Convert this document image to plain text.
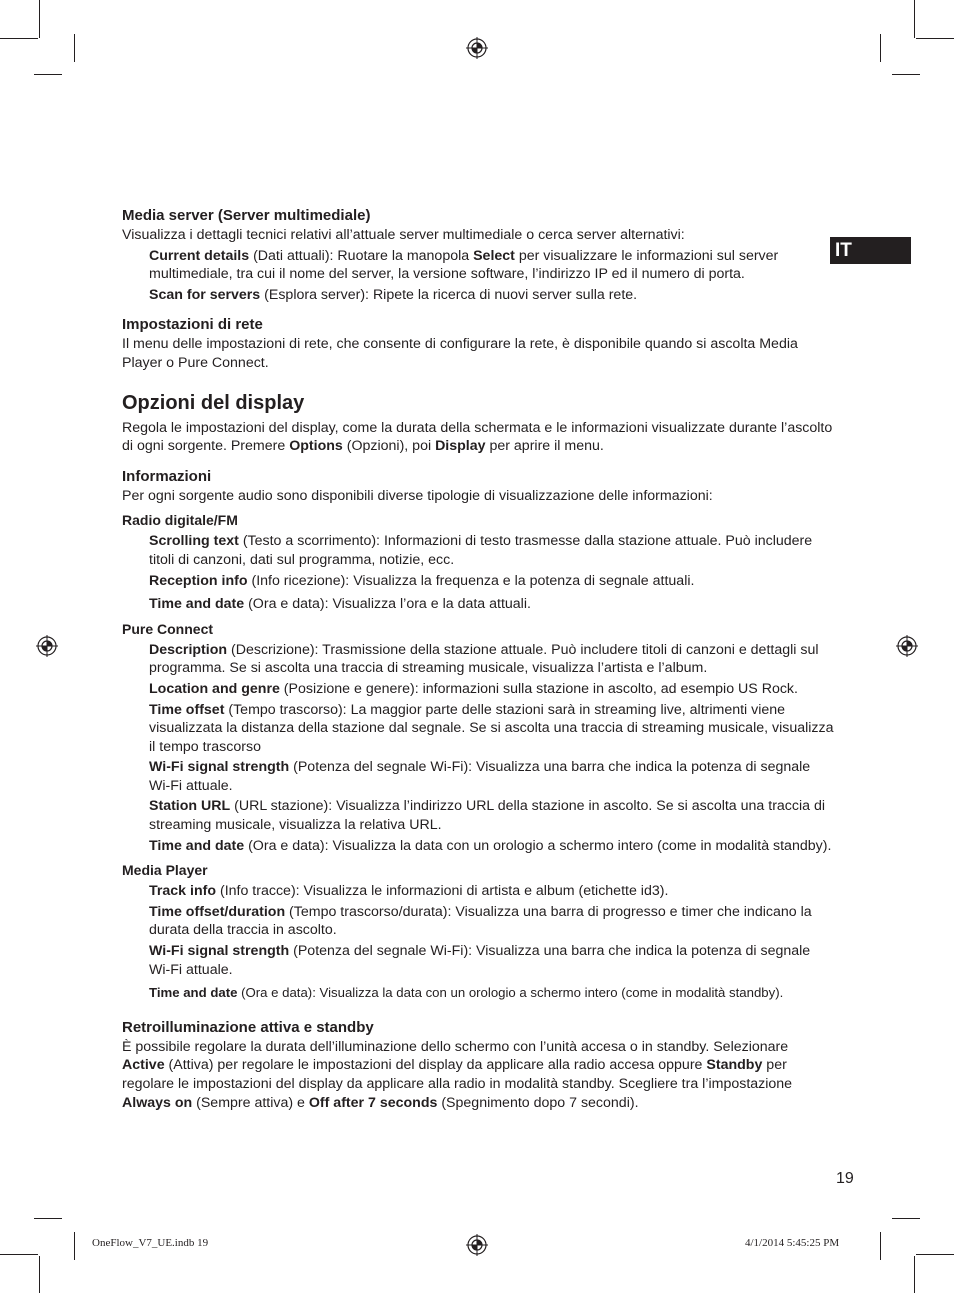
IT
Media server (Server multimediale)

Visualizza i dettagli tecnici relativi all’attuale server multimediale o cerca server alternativi:

Current details (Dati attuali): Ruotare la manopola Select per visualizzare le informazioni sul server multimediale, tra cui il nome del server, la versione software, l’indirizzo IP ed il numero di porta.

Scan for servers (Esplora server): Ripete la ricerca di nuovi server sulla rete.

Impostazioni di rete

Il menu delle impostazioni di rete, che consente di configurare la rete, è disponibile quando si ascolta Media Player o Pure Connect.

Opzioni del display

Regola le impostazioni del display, come la durata della schermata e le informazioni visualizzate durante l’ascolto di ogni sorgente. Premere Options (Opzioni), poi Display per aprire il menu.

Informazioni

Per ogni sorgente audio sono disponibili diverse tipologie di visualizzazione delle informazioni:

Radio digitale/FM

Scrolling text (Testo a scorrimento): Informazioni di testo trasmesse dalla stazione attuale. Può includere titoli di canzoni, dati sul programma, notizie, ecc.

Reception info (Info ricezione): Visualizza la frequenza e la potenza di segnale attuali.

Time and date (Ora e data): Visualizza l’ora e la data attuali.

Pure Connect

Description (Descrizione): Trasmissione della stazione attuale. Può includere titoli di canzoni e dettagli sul programma. Se si ascolta una traccia di streaming musicale, visualizza l’artista e l’album.

Location and genre (Posizione e genere): informazioni sulla stazione in ascolto, ad esempio US Rock.

Time offset (Tempo trascorso): La maggior parte delle stazioni sarà in streaming live, altrimenti viene visualizzata la distanza della stazione dal segnale. Se si ascolta una traccia di streaming musicale, visualizza il tempo trascorso

Wi-Fi signal strength (Potenza del segnale Wi-Fi): Visualizza una barra che indica la potenza di segnale Wi-Fi attuale.

Station URL (URL stazione): Visualizza l’indirizzo URL della stazione in ascolto. Se si ascolta una traccia di streaming musicale, visualizza la relativa URL.

Time and date (Ora e data): Visualizza la data con un orologio a schermo intero (come in modalità standby).

Media Player

Track info (Info tracce): Visualizza le informazioni di artista e album (etichette id3).

Time offset/duration (Tempo trascorso/durata): Visualizza una barra di progresso e timer che indicano la durata della traccia in ascolto.

Wi-Fi signal strength (Potenza del segnale Wi-Fi): Visualizza una barra che indica la potenza di segnale Wi-Fi attuale.

Time and date (Ora e data): Visualizza la data con un orologio a schermo intero (come in modalità standby).

Retroilluminazione attiva e standby

È possibile regolare la durata dell’illuminazione dello schermo con l’unità accesa o in standby. Selezionare Active (Attiva) per regolare le impostazioni del display da applicare alla radio accesa oppure Standby per regolare le impostazioni del display da applicare alla radio in modalità standby. Scegliere tra l’impostazione Always on (Sempre attiva) e Off after 7 seconds (Spegnimento dopo 7 secondi).

19
OneFlow_V7_UE.indb 19	4/1/2014 5:45:25 PM
